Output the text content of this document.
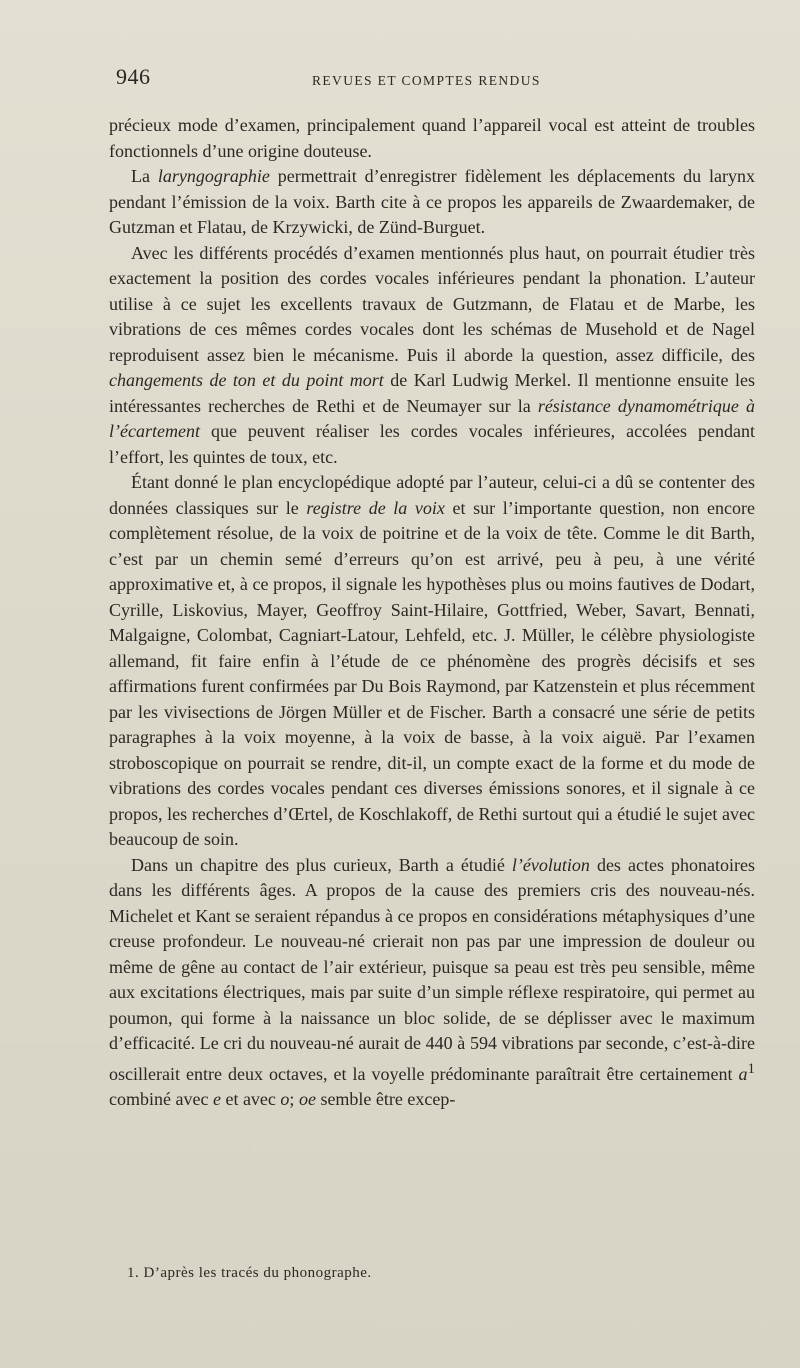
946	REVUES ET COMPTES RENDUS

précieux mode d’examen, principalement quand l’appareil vocal est atteint de troubles fonctionnels d’une origine douteuse.

La laryngographie permettrait d’enregistrer fidèlement les déplacements du larynx pendant l’émission de la voix. Barth cite à ce propos les appareils de Zwaardemaker, de Gutzman et Flatau, de Krzywicki, de Zünd-Burguet.

Avec les différents procédés d’examen mentionnés plus haut, on pourrait étudier très exactement la position des cordes vocales inférieures pendant la phonation. L’auteur utilise à ce sujet les excellents travaux de Gutzmann, de Flatau et de Marbe, les vibrations de ces mêmes cordes vocales dont les schémas de Musehold et de Nagel reproduisent assez bien le mécanisme. Puis il aborde la question, assez difficile, des changements de ton et du point mort de Karl Ludwig Merkel. Il mentionne ensuite les intéressantes recherches de Rethi et de Neumayer sur la résistance dynamométrique à l’écartement que peuvent réaliser les cordes vocales inférieures, accolées pendant l’effort, les quintes de toux, etc.

Étant donné le plan encyclopédique adopté par l’auteur, celui-ci a dû se contenter des données classiques sur le registre de la voix et sur l’importante question, non encore complètement résolue, de la voix de poitrine et de la voix de tête. Comme le dit Barth, c’est par un chemin semé d’erreurs qu’on est arrivé, peu à peu, à une vérité approximative et, à ce propos, il signale les hypothèses plus ou moins fautives de Dodart, Cyrille, Liskovius, Mayer, Geoffroy Saint-Hilaire, Gottfried, Weber, Savart, Bennati, Malgaigne, Colombat, Cagniart-Latour, Lehfeld, etc. J. Müller, le célèbre physiologiste allemand, fit faire enfin à l’étude de ce phénomène des progrès décisifs et ses affirmations furent confirmées par Du Bois Raymond, par Katzenstein et plus récemment par les vivisections de Jörgen Müller et de Fischer. Barth a consacré une série de petits paragraphes à la voix moyenne, à la voix de basse, à la voix aiguë. Par l’examen stroboscopique on pourrait se rendre, dit-il, un compte exact de la forme et du mode de vibrations des cordes vocales pendant ces diverses émissions sonores, et il signale à ce propos, les recherches d’Œrtel, de Koschlakoff, de Rethi surtout qui a étudié le sujet avec beaucoup de soin.

Dans un chapitre des plus curieux, Barth a étudié l’évolution des actes phonatoires dans les différents âges. A propos de la cause des premiers cris des nouveau-nés. Michelet et Kant se seraient répandus à ce propos en considérations métaphysiques d’une creuse profondeur. Le nouveau-né crierait non pas par une impression de douleur ou même de gêne au contact de l’air extérieur, puisque sa peau est très peu sensible, même aux excitations électriques, mais par suite d’un simple réflexe respiratoire, qui permet au poumon, qui forme à la naissance un bloc solide, de se déplisser avec le maximum d’efficacité. Le cri du nouveau-né aurait de 440 à 594 vibrations par seconde, c’est-à-dire oscillerait entre deux octaves, et la voyelle prédominante paraîtrait être certainement $a^1$ combiné avec e et avec o; oe semble être excep-

1. D’après les tracés du phonographe.
